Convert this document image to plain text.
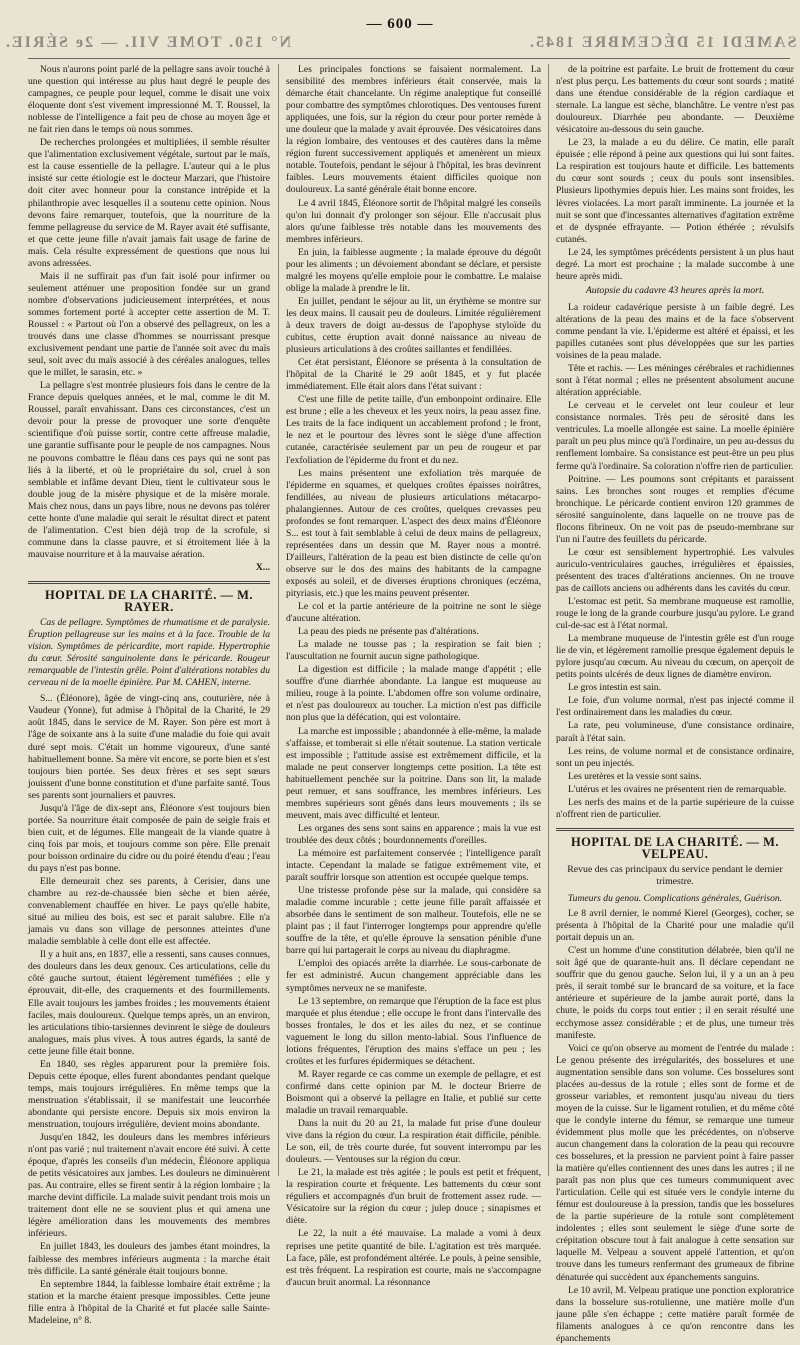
N° 150. TOME VII. — 2e SÉRIE.
— 600 —
SAMEDI 15 DÉCEMBRE 1845.

Nous n'aurons point parlé de la pellagre sans avoir touché à une question qui intéresse au plus haut degré le peuple des campagnes, ce peuple pour lequel, comme le disait une voix éloquente dont s'est vivement impressionné M. T. Roussel, la noblesse de l'intelligence a fait peu de chose au moyen âge et ne fait rien dans le temps où nous sommes.

De recherches prolongées et multipliées, il semble résulter que l'alimentation exclusivement végétale, surtout par le maïs, est la cause essentielle de la pellagre. L'auteur qui a le plus insisté sur cette étiologie est le docteur Marzari, que l'histoire doit citer avec honneur pour la constance intrépide et la philanthropie avec lesquelles il a soutenu cette opinion. Nous devons faire remarquer, toutefois, que la nourriture de la femme pellagreuse du service de M. Rayer avait été suffisante, et que cette jeune fille n'avait jamais fait usage de farine de maïs. Cela résulte expressément de questions que nous lui avons adressées.

Mais il ne suffirait pas d'un fait isolé pour infirmer ou seulement atténuer une proposition fondée sur un grand nombre d'observations judicieusement interprétées, et nous sommes fortement porté à accepter cette assertion de M. T. Roussel : « Partout où l'on a observé des pellagreux, on les a trouvés dans une classe d'hommes se nourrissant presque exclusivement pendant une partie de l'année soit avec du maïs seul, soit avec du maïs associé à des céréales analogues, telles que le millet, le sarasin, etc. »

La pellagre s'est montrée plusieurs fois dans le centre de la France depuis quelques années, et le mal, comme le dit M. Roussel, paraît envahissant. Dans ces circonstances, c'est un devoir pour la presse de provoquer une sorte d'enquête scientifique d'où puisse sortir, contre cette affreuse maladie, une garantie suffisante pour le peuple de nos campagnes. Nous ne pouvons combattre le fléau dans ces pays qui ne sont pas liés à la liberté, et où le propriétaire du sol, cruel à son semblable et infâme devant Dieu, tient le cultivateur sous le double joug de la misère physique et de la misère morale. Mais chez nous, dans un pays libre, nous ne devons pas tolérer cette honte d'une maladie qui serait le résultat direct et patent de l'alimentation. C'est bien déjà trop de la scrofule, si commune dans la classe pauvre, et si étroitement liée à la mauvaise nourriture et à la mauvaise aération.

X...
HOPITAL DE LA CHARITÉ. — M. RAYER.

Cas de pellagre. Symptômes de rhumatisme et de paralysie. Éruption pellagreuse sur les mains et à la face. Trouble de la vision. Symptômes de péricardite, mort rapide. Hypertrophie du cœur. Sérosité sanguinolente dans le péricarde. Rougeur remarquable de l'intestin grêle. Point d'altérations notables du cerveau ni de la moelle épinière. Par M. CAHEN, interne.

S... (Éléonore), âgée de vingt-cinq ans, couturière, née à Vaudeur (Yonne), fut admise à l'hôpital de la Charité, le 29 août 1845, dans le service de M. Rayer. Son père est mort à l'âge de soixante ans à la suite d'une maladie du foie qui avait duré sept mois. C'était un homme vigoureux, d'une santé habituellement bonne. Sa mère vit encore, se porte bien et s'est toujours bien portée. Ses deux frères et ses sept sœurs jouissent d'une bonne constitution et d'une parfaite santé. Tous ses parents sont journaliers et pauvres.

Jusqu'à l'âge de dix-sept ans, Éléonore s'est toujours bien portée. Sa nourriture était composée de pain de seigle frais et bien cuit, et de légumes. Elle mangeait de la viande quatre à cinq fois par mois, et toujours comme son père. Elle prenait pour boisson ordinaire du cidre ou du poiré étendu d'eau ; l'eau du pays n'est pas bonne.

Elle demeurait chez ses parents, à Cerisier, dans une chambre au rez-de-chaussée bien sèche et bien aérée, convenablement chauffée en hiver. Le pays qu'elle habite, situé au milieu des bois, est sec et parait salubre. Elle n'a jamais vu dans son village de personnes atteintes d'une maladie semblable à celle dont elle est affectée.

Il y a huit ans, en 1837, elle a ressenti, sans causes connues, des douleurs dans les deux genoux. Ces articulations, celle du côté gauche surtout, étaient légèrement tuméfiées ; elle y éprouvait, dit-elle, des craquements et des fourmillements. Elle avait toujours les jambes froides ; les mouvements étaient faciles, mais douloureux. Quelque temps après, un an environ, les articulations tibio-tarsiennes devinrent le siège de douleurs analogues, mais plus vives. À tous autres égards, la santé de cette jeune fille était bonne.

En 1840, ses règles apparurent pour la première fois. Depuis cette époque, elles furent abondantes pendant quelque temps, mais toujours irrégulières. En même temps que la menstruation s'établissait, il se manifestait une leucorrhée abondante qui persiste encore. Depuis six mois environ la menstruation, toujours irrégulière, devient moins abondante.

Jusqu'en 1842, les douleurs dans les membres inférieurs n'ont pas varié ; nul traitement n'avait encore été suivi. À cette époque, d'après les conseils d'un médecin, Éléonore appliqua de petits vésicatoires aux jambes. Les douleurs ne diminuèrent pas. Au contraire, elles se firent sentir à la région lombaire ; la marche devint difficile. La malade suivit pendant trois mois un traitement dont elle ne se souvient plus et qui amena une légère amélioration dans les mouvements des membres inférieurs.

En juillet 1843, les douleurs des jambes étant moindres, la faiblesse des membres inférieurs augmenta : la marche était très difficile. La santé générale était toujours bonne.

En septembre 1844, la faiblesse lombaire était extrême ; la station et la marche étaient presque impossibles. Cette jeune fille entra à l'hôpital de la Charité et fut placée salle Sainte-Madeleine, n° 8.

Les principales fonctions se faisaient normalement. La sensibilité des membres inférieurs était conservée, mais la démarche était chancelante. Un régime analeptique fut conseillé pour combattre des symptômes chlorotiques. Des ventouses furent appliquées, une fois, sur la région du cœur pour porter remède à une douleur que la malade y avait éprouvée. Des vésicatoires dans la région lombaire, des ventouses et des cautères dans la même région furent successivement appliqués et amenèrent un mieux notable. Toutefois, pendant le séjour à l'hôpital, les bras devinrent faibles. Leurs mouvements étaient difficiles quoique non douloureux. La santé générale était bonne encore.

Le 4 avril 1845, Éléonore sortit de l'hôpital malgré les conseils qu'on lui donnait d'y prolonger son séjour. Elle n'accusait plus alors qu'une faiblesse très notable dans les mouvements des membres inférieurs.

En juin, la faiblesse augmente ; la malade éprouve du dégoût pour les aliments ; un dévoiement abondant se déclare, et persiste malgré les moyens qu'elle emploie pour le combattre. Le malaise oblige la malade à prendre le lit.

En juillet, pendant le séjour au lit, un érythème se montre sur les deux mains. Il causait peu de douleurs. Limitée régulièrement à deux travers de doigt au-dessus de l'apophyse styloïde du cubitus, cette éruption avait donné naissance au niveau de plusieurs articulations à des croûtes saillantes et fendillées.

Cet état persistant, Éléonore se présenta à la consultation de l'hôpital de la Charité le 29 août 1845, et y fut placée immédiatement. Elle était alors dans l'état suivant :

C'est une fille de petite taille, d'un embonpoint ordinaire. Elle est brune ; elle a les cheveux et les yeux noirs, la peau assez fine. Les traits de la face indiquent un accablement profond ; le front, le nez et le pourtour des lèvres sont le siège d'une affection cutanée, caractérisée seulement par un peu de rougeur et par l'exfoliation de l'épiderme du front et du nez.

Les mains présentent une exfoliation très marquée de l'épiderme en squames, et quelques croûtes épaisses noirâtres, fendillées, au niveau de plusieurs articulations métacarpo-phalangiennes. Autour de ces croûtes, quelques crevasses peu profondes se font remarquer. L'aspect des deux mains d'Éléonore S... est tout à fait semblable à celui de deux mains de pellagreux, représentées dans un dessin que M. Rayer nous a montré. D'ailleurs, l'altération de la peau est bien distincte de celle qu'on observe sur le dos des mains des habitants de la campagne exposés au soleil, et de diverses éruptions chroniques (eczéma, pityriasis, etc.) que les mains peuvent présenter.

Le col et la partie antérieure de la poitrine ne sont le siège d'aucune altération.

La peau des pieds ne présente pas d'altérations.

La malade ne tousse pas ; la respiration se fait bien ; l'auscultation ne fournit aucun signe pathologique.

La digestion est difficile ; la malade mange d'appétit ; elle souffre d'une diarrhée abondante. La langue est muqueuse au milieu, rouge à la pointe. L'abdomen offre son volume ordinaire, et n'est pas douloureux au toucher. La miction n'est pas difficile non plus que la défécation, qui est volontaire.

La marche est impossible ; abandonnée à elle-même, la malade s'affaisse, et tomberait si elle n'était soutenue. La station verticale est impossible ; l'attitude assise est extrêmement difficile, et la malade ne peut conserver longtemps cette position. La tête est habituellement penchée sur la poitrine. Dans son lit, la malade peut remuer, et sans souffrance, les membres inférieurs. Les membres supérieurs sont gênés dans leurs mouvements ; ils se meuvent, mais avec difficulté et lenteur.

Les organes des sens sont sains en apparence ; mais la vue est troublée des deux côtés ; bourdonnements d'oreilles.

La mémoire est parfaitement conservée ; l'intelligence paraît intacte. Cependant la malade se fatigue extrêmement vite, et paraît souffrir lorsque son attention est occupée quelque temps.

Une tristesse profonde pèse sur la malade, qui considère sa maladie comme incurable ; cette jeune fille paraît affaissée et absorbée dans le sentiment de son malheur. Toutefois, elle ne se plaint pas ; il faut l'interroger longtemps pour apprendre qu'elle souffre de la tête, et qu'elle éprouve la sensation pénible d'une barre qui lui partagerait le corps au niveau du diaphragme.

L'emploi des opiacés arrête la diarrhée. Le sous-carbonate de fer est administré. Aucun changement appréciable dans les symptômes nerveux ne se manifeste.

Le 13 septembre, on remarque que l'éruption de la face est plus marquée et plus étendue ; elle occupe le front dans l'intervalle des bosses frontales, le dos et les ailes du nez, et se continue vaguement le long du sillon mento-labial. Sous l'influence de lotions fréquentes, l'éruption des mains s'efface un peu ; les croûtes et les furfures épidermiques se détachent.

M. Rayer regarde ce cas comme un exemple de pellagre, et est confirmé dans cette opinion par M. le docteur Brierre de Boismont qui a observé la pellagre en Italie, et publié sur cette maladie un travail remarquable.

Dans la nuit du 20 au 21, la malade fut prise d'une douleur vive dans la région du cœur. La respiration était difficile, pénible. Le son, eil, de très courte durée, fut souvent interrompu par les douleurs. — Ventouses sur la région du cœur.

Le 21, la malade est très agitée ; le pouls est petit et fréquent, la respiration courte et fréquente. Les battements du cœur sont réguliers et accompagnés d'un bruit de frottement assez rude. — Vésicatoire sur la région du cœur ; julep douce ; sinapismes et diète.

Le 22, la nuit a été mauvaise. La malade a vomi à deux reprises une petite quantité de bile. L'agitation est très marquée. La face, pâle, est profondément altérée. Le pouls, à peine sensible, est très fréquent. La respiration est courte, mais ne s'accompagne d'aucun bruit anormal. La résonnance

de la poitrine est parfaite. Le bruit de frottement du cœur n'est plus perçu. Les battements du cœur sont sourds ; matité dans une étendue considérable de la région cardiaque et sternale. La langue est sèche, blanchâtre. Le ventre n'est pas douloureux. Diarrhée peu abondante. — Deuxième vésicatoire au-dessous du sein gauche.

Le 23, la malade a eu du délire. Ce matin, elle paraît épuisée ; elle répond à peine aux questions qui lui sont faites. La respiration est toujours haute et difficile. Les battements du cœur sont sourds ; ceux du pouls sont insensibles. Plusieurs lipothymies depuis hier. Les mains sont froides, les lèvres violacées. La mort paraît imminente. La journée et la nuit se sont que d'incessantes alternatives d'agitation extrême et de dyspnée effrayante. — Potion éthérée ; révulsifs cutanés.

Le 24, les symptômes précédents persistent à un plus haut degré. La mort est prochaine ; la malade succombe à une heure après midi.

Autopsie du cadavre 43 heures après la mort.

La roideur cadavérique persiste à un faible degré. Les altérations de la peau des mains et de la face s'observent comme pendant la vie. L'épiderme est altéré et épaissi, et les papilles cutanées sont plus développées que sur les parties voisines de la peau malade.

Tête et rachis. — Les méninges cérébrales et rachidiennes sont à l'état normal ; elles ne présentent absolument aucune altération appréciable.

Le cerveau et le cervelet ont leur couleur et leur consistance normales. Très peu de sérosité dans les ventricules. La moelle allongée est saine. La moelle épinière paraît un peu plus mince qu'à l'ordinaire, un peu au-dessus du renflement lombaire. Sa consistance est peut-être un peu plus ferme qu'à l'ordinaire. Sa coloration n'offre rien de particulier.

Poitrine. — Les poumons sont crépitants et paraissent sains. Les bronches sont rouges et remplies d'écume bronchique. Le péricarde contient environ 120 grammes de sérosité sanguinolente, dans laquelle on ne trouve pas de flocons fibrineux. On ne voit pas de pseudo-membrane sur l'un ni l'autre des feuillets du péricarde.

Le cœur est sensiblement hypertrophié. Les valvules auriculo-ventriculaires gauches, irrégulières et épaissies, présentent des traces d'altérations anciennes. On ne trouve pas de caillots anciens ou adhérents dans les cavités du cœur.

L'estomac est petit. Sa membrane muqueuse est ramollie, rouge le long de la grande courbure jusqu'au pylore. Le grand cul-de-sac est à l'état normal.

La membrane muqueuse de l'intestin grêle est d'un rouge lie de vin, et légèrement ramollie presque également depuis le pylore jusqu'au cœcum. Au niveau du cœcum, on aperçoit de petits points ulcérés de deux lignes de diamètre environ.

Le gros intestin est sain.

Le foie, d'un volume normal, n'est pas injecté comme il l'est ordinairement dans les maladies du cœur.

La rate, peu volumineuse, d'une consistance ordinaire, paraît à l'état sain.

Les reins, de volume normal et de consistance ordinaire, sont un peu injectés.

Les uretères et la vessie sont sains.

L'utérus et les ovaires ne présentent rien de remarquable.

Les nerfs des mains et de la partie supérieure de la cuisse n'offrent rien de particulier.

HOPITAL DE LA CHARITÉ. — M. VELPEAU.
Revue des cas principaux du service pendant le dernier trimestre.
Tumeurs du genou. Complications générales, Guérison.

Le 8 avril dernier, le nommé Kierel (Georges), cocher, se présenta à l'hôpital de la Charité pour une maladie qu'il portait depuis un an.

C'est un homme d'une constitution délabrée, bien qu'il ne soit âgé que de quarante-huit ans. Il déclare cependant ne souffrir que du genou gauche. Selon lui, il y a un an à peu près, il serait tombé sur le brancard de sa voiture, et la face antérieure et supérieure de la jambe aurait porté, dans la chute, le poids du corps tout entier ; il en serait résulté une ecchymose assez considérable ; et de plus, une tumeur très manifeste.

Voici ce qu'on observe au moment de l'entrée du malade : Le genou présente des irrégularités, des bosselures et une augmentation sensible dans son volume. Ces bosselures sont placées au-dessus de la rotule ; elles sont de forme et de grosseur variables, et remontent jusqu'au niveau du tiers moyen de la cuisse. Sur le ligament rotulien, et du même côté que le condyle interne du fémur, se remarque une tumeur évidemment plus molle que les précédentes, on n'observe aucun changement dans la coloration de la peau qui recouvre ces bosselures, et la pression ne parvient point à faire passer la matière qu'elles contiennent des unes dans les autres ; il ne paraît pas non plus que ces tumeurs communiquent avec l'articulation. Celle qui est située vers le condyle interne du fémur est douloureuse à la pression, tandis que les bosselures de la partie supérieure de la rotule sont complètement indolentes ; elles sont seulement le siège d'une sorte de crépitation obscure tout à fait analogue à cette sensation sur laquelle M. Velpeau a souvent appelé l'attention, et qu'on trouve dans les tumeurs renfermant des grumeaux de fibrine dénaturée qui succèdent aux épanchements sanguins.

Le 10 avril, M. Velpeau pratique une ponction exploratrice dans la bosselure sus-rotulienne, une matière molle d'un jaune pâle s'en échappe ; cette matière paraît formée de filaments analogues à ce qu'on rencontre dans les épanchements
